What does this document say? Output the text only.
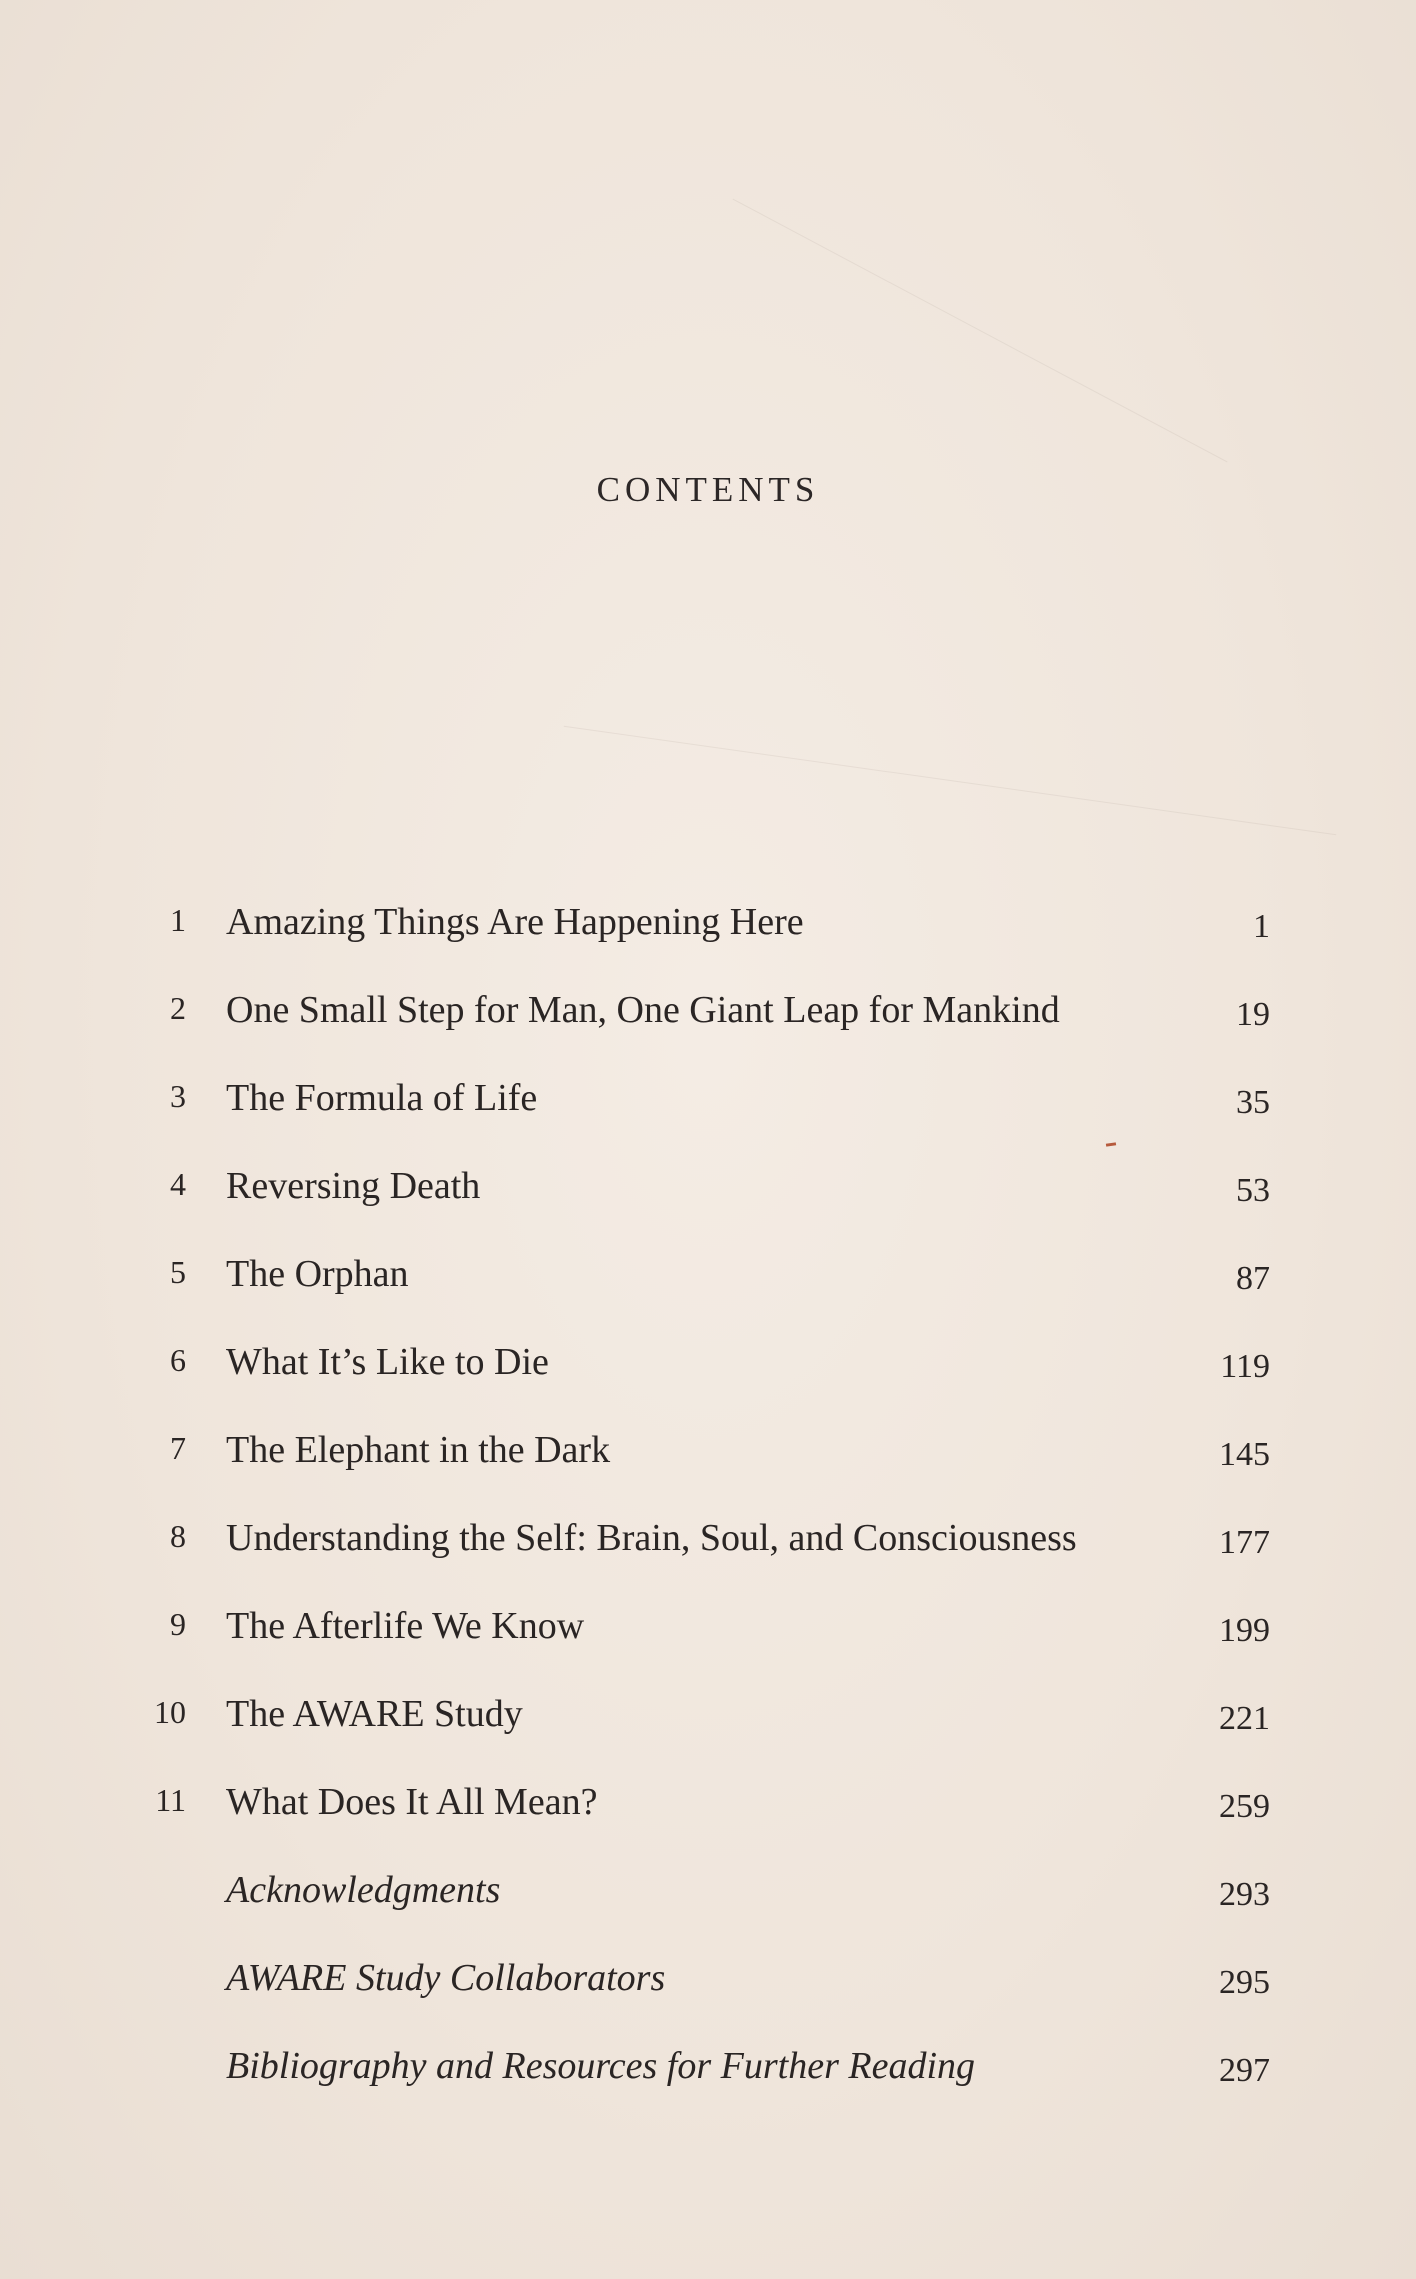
CONTENTS
1 Amazing Things Are Happening Here	1
2 One Small Step for Man, One Giant Leap for Mankind	19
3 The Formula of Life	35
4 Reversing Death	53
5 The Orphan	87
6 What It’s Like to Die	119
7 The Elephant in the Dark	145
8 Understanding the Self: Brain, Soul, and Consciousness	177
9 The Afterlife We Know	199
10 The AWARE Study	221
11 What Does It All Mean?	259
Acknowledgments	293
AWARE Study Collaborators	295
Bibliography and Resources for Further Reading	297
